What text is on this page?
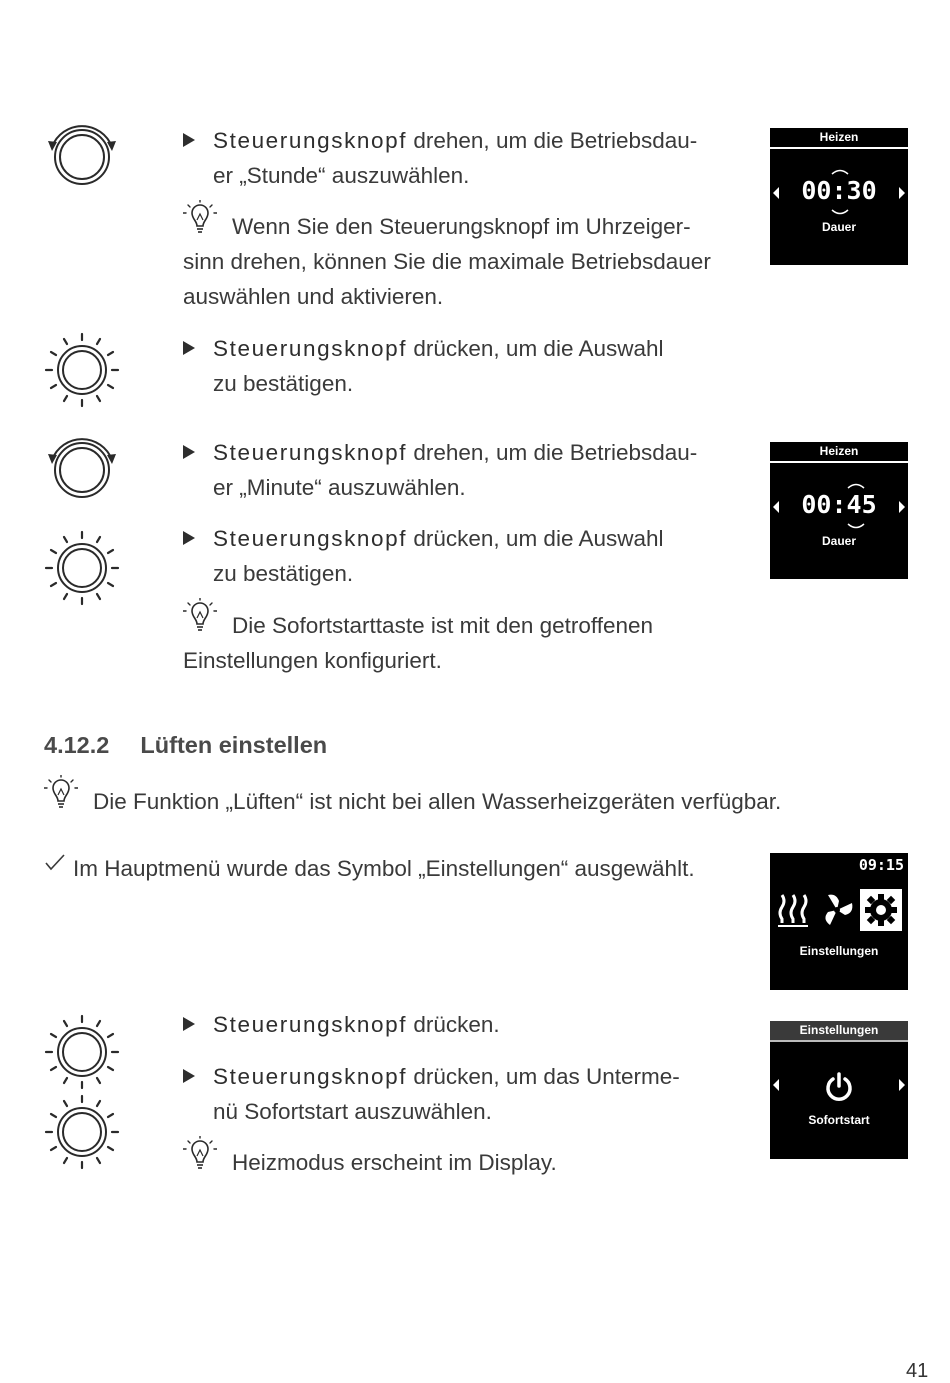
Steuerungsknopf drehen, um die Betriebsdau-
er „Stunde“ auszuwählen.
Wenn Sie den Steuerungsknopf im Uhrzeiger-
sinn drehen, können Sie die maximale Betriebsdauer
auswählen und aktivieren.
Heizen
00:30
Dauer
Steuerungsknopf drücken, um die Auswahl
zu bestätigen.
Steuerungsknopf drehen, um die Betriebsdau-
er „Minute“ auszuwählen.
Heizen
00:45
Dauer
Steuerungsknopf drücken, um die Auswahl
zu bestätigen.
Die Sofortstarttaste ist mit den getroffenen
Einstellungen konfiguriert.
4.12.2 Lüften einstellen
Die Funktion „Lüften“ ist nicht bei allen Wasserheizgeräten verfügbar.
Im Hauptmenü wurde das Symbol „Einstellungen“ ausgewählt.	09:15
Einstellungen
Steuerungsknopf drücken.
Steuerungsknopf drücken, um das Unterme-
nü Sofortstart auszuwählen.
Heizmodus erscheint im Display.
Einstellungen
Sofortstart
41
